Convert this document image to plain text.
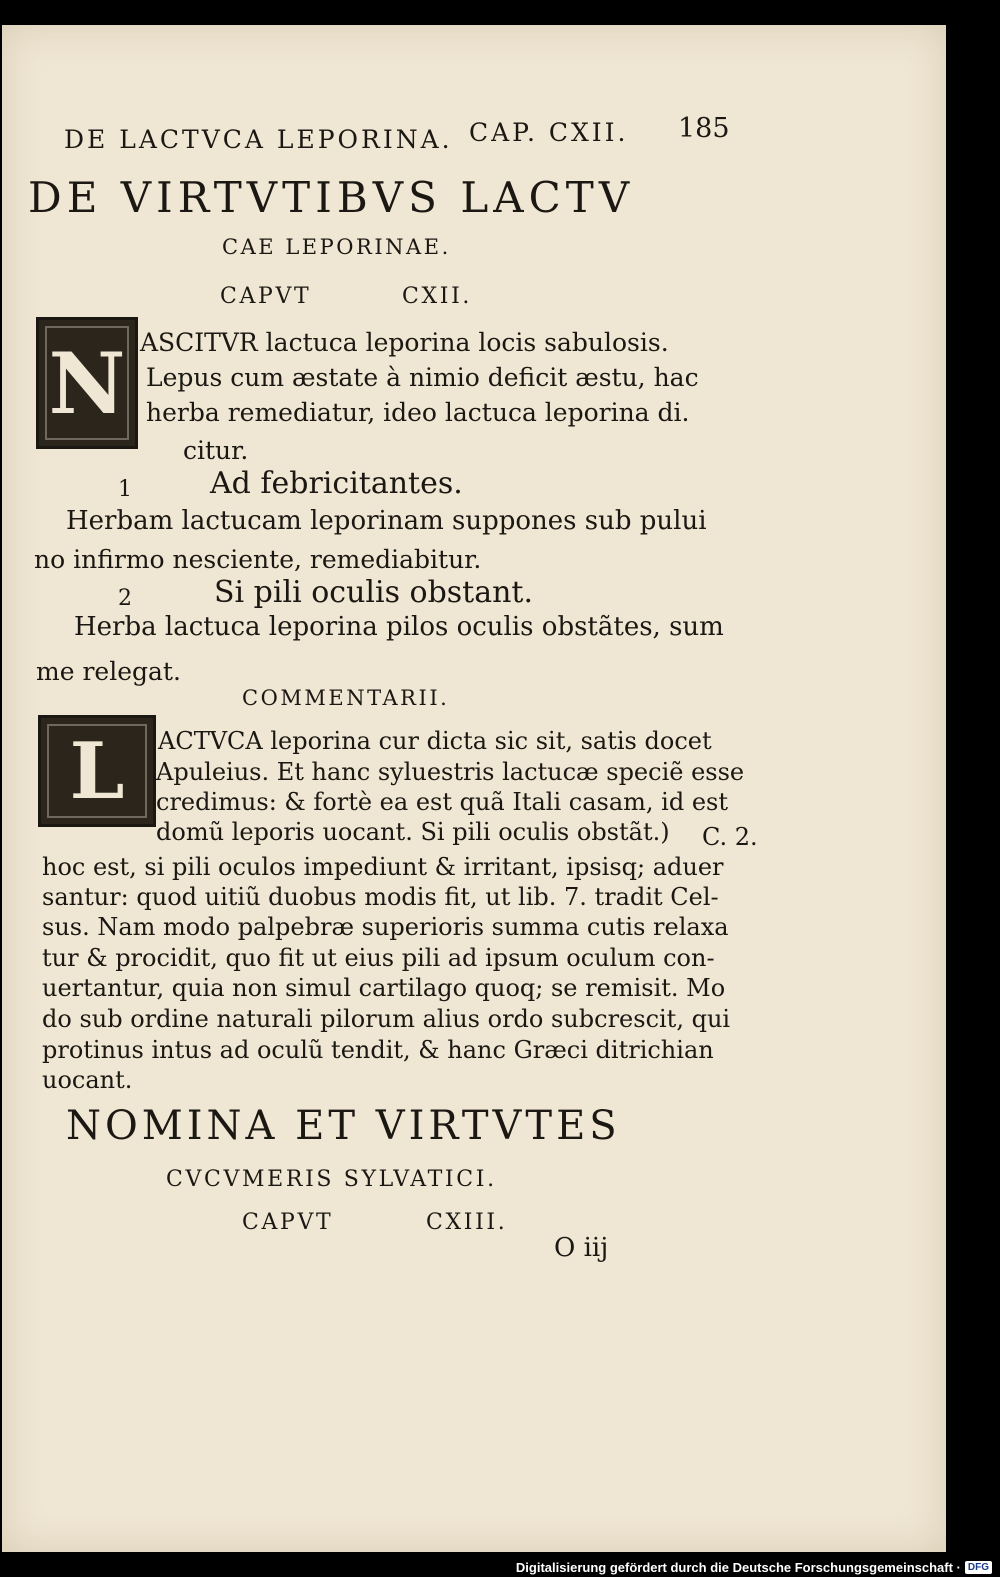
DE LACTVCA LEPORINA. CAP. CXII. 185
DE VIRTVTIBVS LACTV
CAE LEPORINAE.
CAPVT	CXII.
N ASCITVR lactuca leporina locis sabulosis.
Lepus cum æstate à nimio deficit æstu, hac
herba remediatur, ideo lactuca leporina di.
citur.
1	Ad febricitantes.
Herbam lactucam leporinam suppones sub pului
no infirmo nesciente, remediabitur.
2	Si pili oculis obstant.
Herba lactuca leporina pilos oculis obstãtes, sum
me relegat.
COMMENTARII.
L ACTVCA leporina cur dicta sic sit, satis docet
Apuleius. Et hanc syluestris lactucæ speciẽ esse
credimus: & fortè ea est quã Itali casam, id est
domũ leporis uocant. Si pili oculis obstãt.) C. 2.
hoc est, si pili oculos impediunt & irritant, ipsisq; aduer
santur: quod uitiũ duobus modis fit, ut lib. 7. tradit Cel-
sus. Nam modo palpebræ superioris summa cutis relaxa
tur & procidit, quo fit ut eius pili ad ipsum oculum con-
uertantur, quia non simul cartilago quoq; se remisit. Mo
do sub ordine naturali pilorum alius ordo subcrescit, qui
protinus intus ad oculũ tendit, & hanc Græci ditrichian
uocant.
NOMINA ET VIRTVTES
CVCVMERIS SYLVATICI.
CAPVT	CXIII.
O iij
Digitalisierung gefördert durch die Deutsche Forschungsgemeinschaft · DFG
